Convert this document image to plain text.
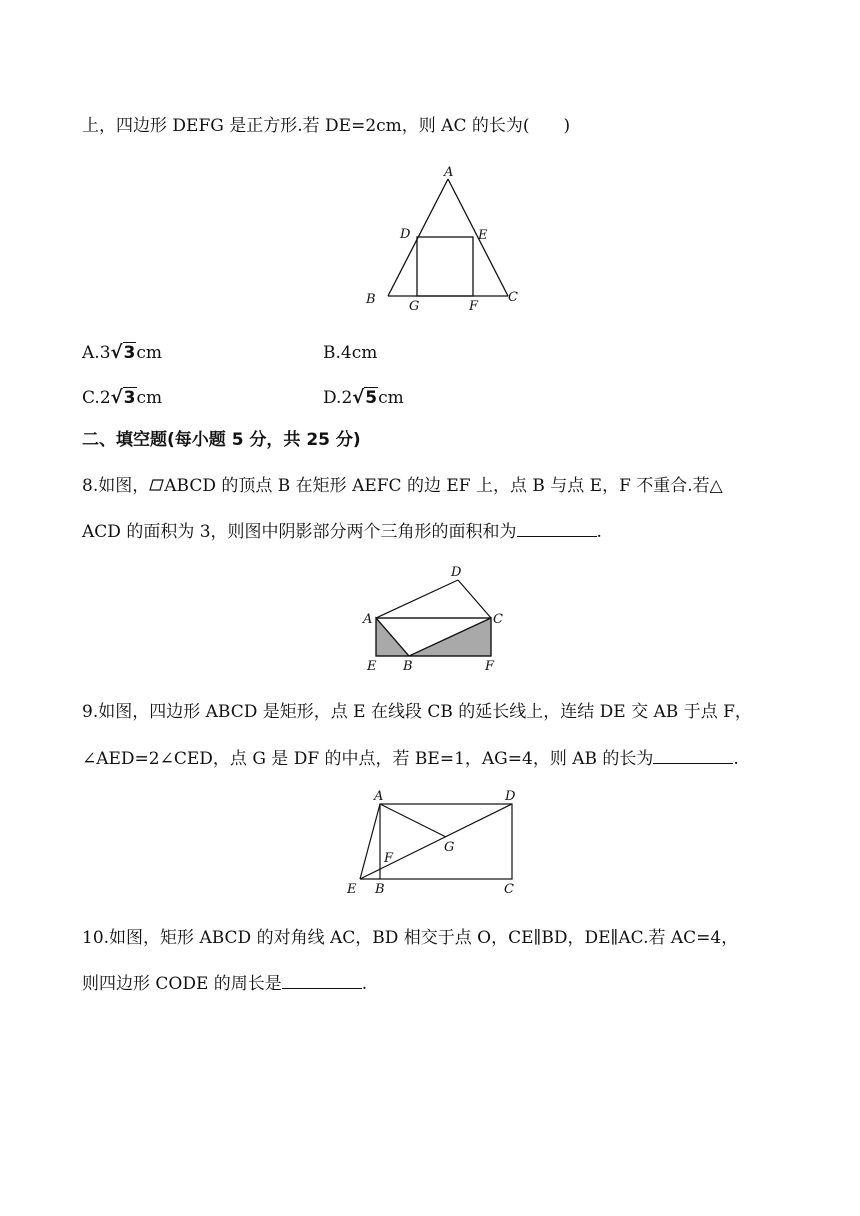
上，四边形 DEFG 是正方形.若 DE=2cm，则 AC 的长为(　　)
A
D	E
B	G	F
C
A.3√3cm	B.4cm
C.2√3cm	D.2√5cm
二、填空题(每小题 5 分，共 25 分)
8.如图， ABCD 的顶点 B 在矩形 AEFC 的边 EF 上，点 B 与点 E，F 不重合.若△
ACD 的面积为 3，则图中阴影部分两个三角形的面积和为	.
D
A	C
E B	F
9.如图，四边形 ABCD 是矩形，点 E 在线段 CB 的延长线上，连结 DE 交 AB 于点 F，
∠AED=2∠CED，点 G 是 DF 的中点，若 BE=1，AG=4，则 AB 的长为	.
A	D
G
F
E B	C
10.如图，矩形 ABCD 的对角线 AC，BD 相交于点 O，CE∥BD，DE∥AC.若 AC=4，
则四边形 CODE 的周长是	.
